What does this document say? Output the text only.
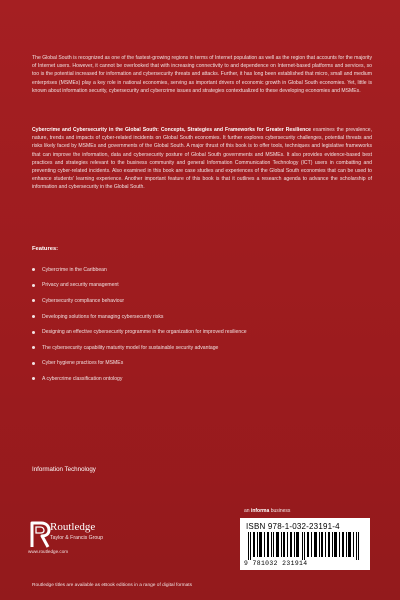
The Global South is recognized as one of the fastest-growing regions in terms of Internet population as well as the region that accounts for the majority of Internet users. However, it cannot be overlooked that with increasing connectivity to and dependence on Internet-based platforms and services, so too is the potential increased for information and cybersecurity threats and attacks. Further, it has long been established that micro, small and medium enterprises (MSMEs) play a key role in national economies, serving as important drivers of economic growth in Global South economies. Yet, little is known about information security, cybersecurity and cybercrime issues and strategies contextualized to these developing economies and MSMEs.

Cybercrime and Cybersecurity in the Global South: Concepts, Strategies and Frameworks for Greater Resilience examines the prevalence, nature, trends and impacts of cyber-related incidents on Global South economies. It further explores cybersecurity challenges, potential threats and risks likely faced by MSMEs and governments of the Global South. A major thrust of this book is to offer tools, techniques and legislative frameworks that can improve the information, data and cybersecurity posture of Global South governments and MSMEs. It also provides evidence-based best practices and strategies relevant to the business community and general Information Communication Technology (ICT) users in combatting and preventing cyber-related incidents. Also examined in this book are case studies and experiences of the Global South economies that can be used to enhance students' learning experience. Another important feature of this book is that it outlines a research agenda to advance the scholarship of information and cybersecurity in the Global South.

Features:
Cybercrime in the Caribbean
Privacy and security management
Cybersecurity compliance behaviour
Developing solutions for managing cybersecurity risks
Designing an effective cybersecurity programme in the organization for improved resilience
The cybersecurity capability maturity model for sustainable security advantage
Cyber hygiene practices for MSMEs
A cybercrime classification ontology
Information Technology
Routledge
Taylor & Francis Group
www.routledge.com
an informa business
ISBN 978-1-032-23191-4
9 781032 231914
Routledge titles are available as eBook editions in a range of digital formats
